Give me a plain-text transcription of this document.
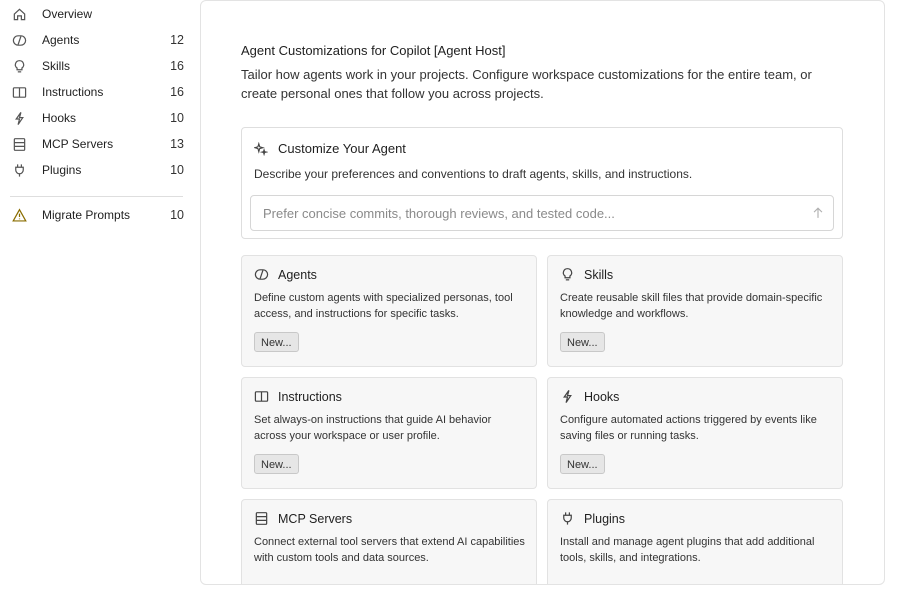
Overview
Agents	12
Skills	16
Instructions	16
Hooks	10
MCP Servers	13
Plugins	10
Migrate Prompts	10
Agent Customizations for Copilot [Agent Host]
Tailor how agents work in your projects. Configure workspace customizations for the entire team, or create personal ones that follow you across projects.
Customize Your Agent
Describe your preferences and conventions to draft agents, skills, and instructions.
Prefer concise commits, thorough reviews, and tested code...
Agents
Define custom agents with specialized personas, tool access, and instructions for specific tasks.
New...
Skills
Create reusable skill files that provide domain-specific knowledge and workflows.
New...
Instructions
Set always-on instructions that guide AI behavior across your workspace or user profile.
New...
Hooks
Configure automated actions triggered by events like saving files or running tasks.
New...
MCP Servers
Connect external tool servers that extend AI capabilities with custom tools and data sources.
Plugins
Install and manage agent plugins that add additional tools, skills, and integrations.
